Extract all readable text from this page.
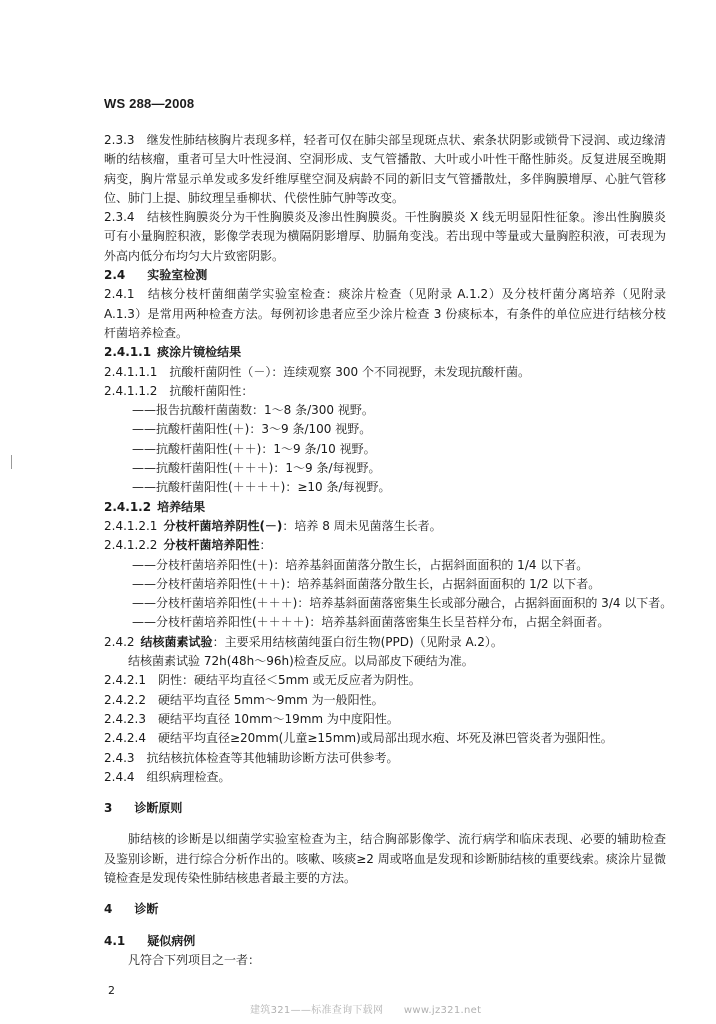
WS 288—2008

2.3.3　继发性肺结核胸片表现多样，轻者可仅在肺尖部呈现斑点状、索条状阴影或锁骨下浸润、或边缘清晰的结核瘤，重者可呈大叶性浸润、空洞形成、支气管播散、大叶或小叶性干酪性肺炎。反复进展至晚期病变，胸片常显示单发或多发纤维厚壁空洞及病龄不同的新旧支气管播散灶，多伴胸膜增厚、心脏气管移位、肺门上提、肺纹理呈垂柳状、代偿性肺气肿等改变。

2.3.4　结核性胸膜炎分为干性胸膜炎及渗出性胸膜炎。干性胸膜炎 X 线无明显阳性征象。渗出性胸膜炎可有小量胸腔积液，影像学表现为横隔阴影增厚、肋膈角变浅。若出现中等量或大量胸腔积液，可表现为外高内低分布均匀大片致密阴影。

2.4 实验室检测

2.4.1　结核分枝杆菌细菌学实验室检查：痰涂片检查（见附录 A.1.2）及分枝杆菌分离培养（见附录 A.1.3）是常用两种检查方法。每例初诊患者应至少涂片检查 3 份痰标本，有条件的单位应进行结核分枝杆菌培养检查。

2.4.1.1 痰涂片镜检结果

2.4.1.1.1　抗酸杆菌阴性（－）：连续观察 300 个不同视野，未发现抗酸杆菌。

2.4.1.1.2　抗酸杆菌阳性：

——报告抗酸杆菌菌数：1～8 条/300 视野。

——抗酸杆菌阳性(＋)：3～9 条/100 视野。

——抗酸杆菌阳性(＋＋)：1～9 条/10 视野。

——抗酸杆菌阳性(＋＋＋)：1～9 条/每视野。

——抗酸杆菌阳性(＋＋＋＋)：≥10 条/每视野。

2.4.1.2 培养结果

2.4.1.2.1 分枝杆菌培养阴性(－)：培养 8 周未见菌落生长者。

2.4.1.2.2 分枝杆菌培养阳性：

——分枝杆菌培养阳性(＋)：培养基斜面菌落分散生长，占据斜面面积的 1/4 以下者。

——分枝杆菌培养阳性(＋＋)：培养基斜面菌落分散生长，占据斜面面积的 1/2 以下者。

——分枝杆菌培养阳性(＋＋＋)：培养基斜面菌落密集生长或部分融合，占据斜面面积的 3/4 以下者。

——分枝杆菌培养阳性(＋＋＋＋)：培养基斜面菌落密集生长呈苔样分布，占据全斜面者。

2.4.2 结核菌素试验：主要采用结核菌纯蛋白衍生物(PPD)（见附录 A.2）。

结核菌素试验 72h(48h～96h)检查反应。以局部皮下硬结为准。

2.4.2.1　阴性：硬结平均直径＜5mm 或无反应者为阴性。

2.4.2.2　硬结平均直径 5mm～9mm 为一般阳性。

2.4.2.3　硬结平均直径 10mm～19mm 为中度阳性。

2.4.2.4　硬结平均直径≥20mm(儿童≥15mm)或局部出现水疱、坏死及淋巴管炎者为强阳性。

2.4.3　抗结核抗体检查等其他辅助诊断方法可供参考。

2.4.4　组织病理检查。

3 诊断原则

肺结核的诊断是以细菌学实验室检查为主，结合胸部影像学、流行病学和临床表现、必要的辅助检查及鉴别诊断，进行综合分析作出的。咳嗽、咳痰≥2 周或咯血是发现和诊断肺结核的重要线索。痰涂片显微镜检查是发现传染性肺结核患者最主要的方法。

4 诊断

4.1 疑似病例

凡符合下列项目之一者：

2
建筑321——标准查询下载网　　www.jz321.net
